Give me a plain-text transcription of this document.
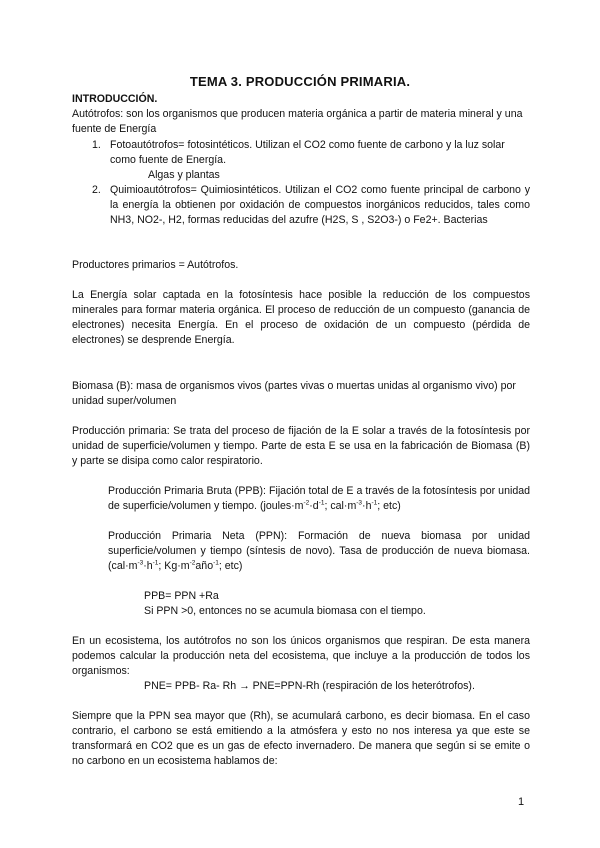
TEMA 3. PRODUCCIÓN PRIMARIA.
INTRODUCCIÓN.

Autótrofos: son los organismos que producen materia orgánica a partir de materia mineral y una fuente de Energía

1. Fotoautótrofos= fotosintéticos. Utilizan el CO2 como fuente de carbono y la luz solar como fuente de Energía.

Algas y plantas

2. Quimioautótrofos= Quimiosintéticos. Utilizan el CO2 como fuente principal de carbono y la energía la obtienen por oxidación de compuestos inorgánicos reducidos, tales como NH3, NO2-, H2, formas reducidas del azufre (H2S, S , S2O3-) o Fe2+. Bacterias

Productores primarios = Autótrofos.

La Energía solar captada en la fotosíntesis hace posible la reducción de los compuestos minerales para formar materia orgánica. El proceso de reducción de un compuesto (ganancia de electrones) necesita Energía. En el proceso de oxidación de un compuesto (pérdida de electrones) se desprende Energía.

Biomasa (B): masa de organismos vivos (partes vivas o muertas unidas al organismo vivo) por unidad super/volumen

Producción primaria: Se trata del proceso de fijación de la E solar a través de la fotosíntesis por unidad de superficie/volumen y tiempo. Parte de esta E se usa en la fabricación de Biomasa (B) y parte se disipa como calor respiratorio.

Producción Primaria Bruta (PPB): Fijación total de E a través de la fotosíntesis por unidad de superficie/volumen y tiempo. ($joules\cdot m^{-2}\cdot d^{-1}$; $cal\cdot m^{-3}\cdot h^{-1}$; etc)

Producción Primaria Neta (PPN): Formación de nueva biomasa por unidad superficie/volumen y tiempo (síntesis de novo). Tasa de producción de nueva biomasa. ($cal\cdot m^{-3}\cdot h^{-1}$; $Kg\cdot m^{-2}año^{-1}$; etc)

PPB= PPN +Ra

Si PPN >0, entonces no se acumula biomasa con el tiempo.

En un ecosistema, los autótrofos no son los únicos organismos que respiran. De esta manera podemos calcular la producción neta del ecosistema, que incluye a la producción de todos los organismos:

PNE= PPB- Ra- Rh → PNE=PPN-Rh (respiración de los heterótrofos).

Siempre que la PPN sea mayor que (Rh), se acumulará carbono, es decir biomasa. En el caso contrario, el carbono se está emitiendo a la atmósfera y esto no nos interesa ya que este se transformará en CO2 que es un gas de efecto invernadero. De manera que según si se emite o no carbono en un ecosistema hablamos de:

1
